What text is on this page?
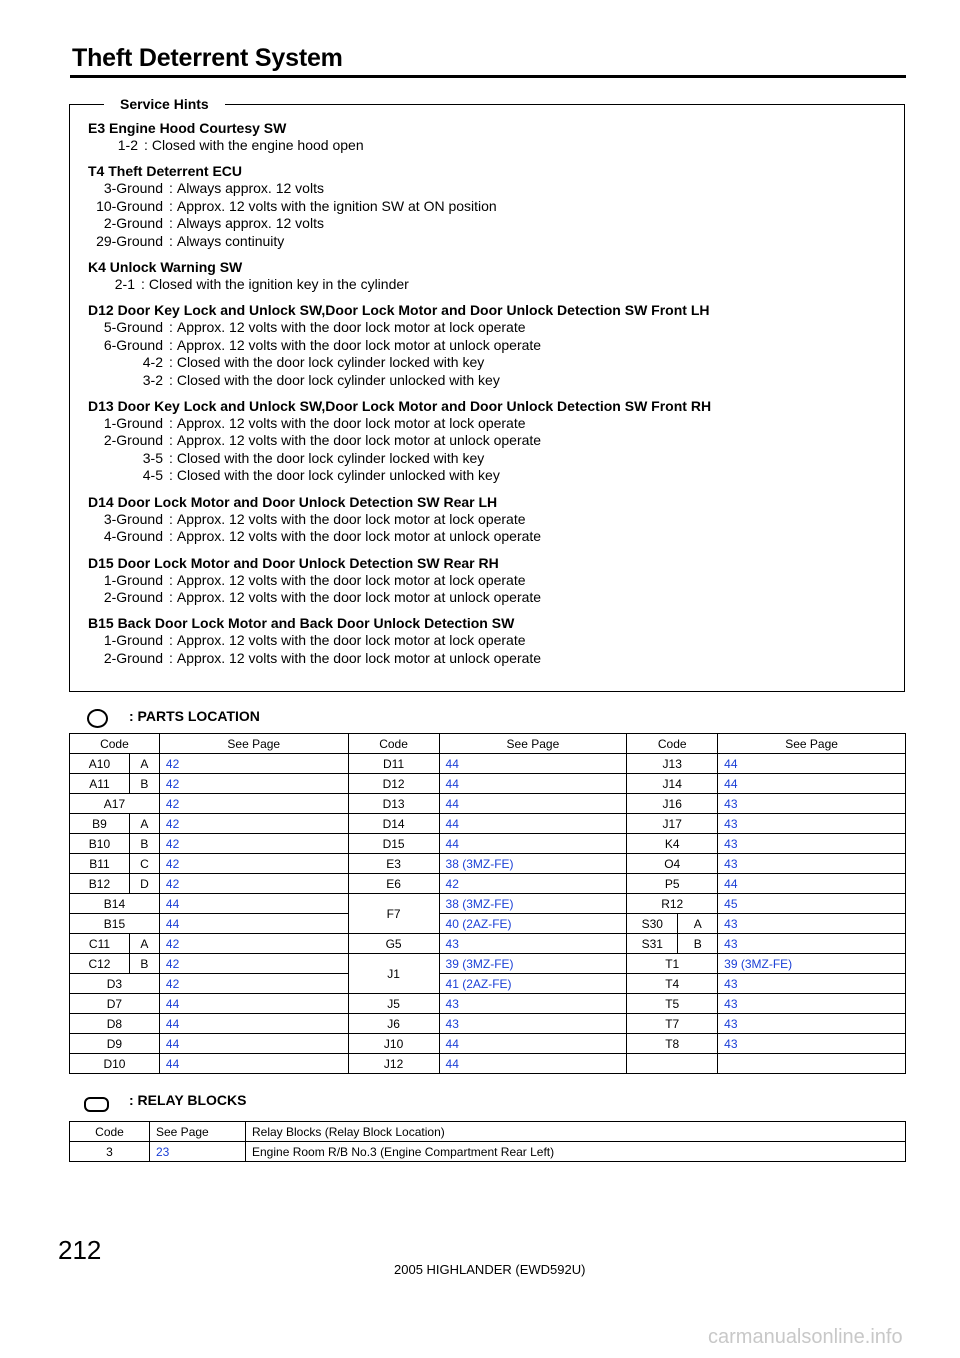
Theft Deterrent System
Service Hints
E3 Engine Hood Courtesy SW
1-2 : Closed with the engine hood open
T4 Theft Deterrent ECU
3-Ground : Always approx. 12 volts
10-Ground : Approx. 12 volts with the ignition SW at ON position
2-Ground : Always approx. 12 volts
29-Ground : Always continuity
K4 Unlock Warning SW
2-1 : Closed with the ignition key in the cylinder
D12 Door Key Lock and Unlock SW,Door Lock Motor and Door Unlock Detection SW Front LH
5-Ground : Approx. 12 volts with the door lock motor at lock operate
6-Ground : Approx. 12 volts with the door lock motor at unlock operate
4-2 : Closed with the door lock cylinder locked with key
3-2 : Closed with the door lock cylinder unlocked with key
D13 Door Key Lock and Unlock SW,Door Lock Motor and Door Unlock Detection SW Front RH
1-Ground : Approx. 12 volts with the door lock motor at lock operate
2-Ground : Approx. 12 volts with the door lock motor at unlock operate
3-5 : Closed with the door lock cylinder locked with key
4-5 : Closed with the door lock cylinder unlocked with key
D14 Door Lock Motor and Door Unlock Detection SW Rear LH
3-Ground : Approx. 12 volts with the door lock motor at lock operate
4-Ground : Approx. 12 volts with the door lock motor at unlock operate
D15 Door Lock Motor and Door Unlock Detection SW Rear RH
1-Ground : Approx. 12 volts with the door lock motor at lock operate
2-Ground : Approx. 12 volts with the door lock motor at unlock operate
B15 Back Door Lock Motor and Back Door Unlock Detection SW
1-Ground : Approx. 12 volts with the door lock motor at lock operate
2-Ground : Approx. 12 volts with the door lock motor at unlock operate
: PARTS LOCATION
Code		See Page	Code	See Page	Code		See Page
A10	A	42	D11	44	J13		44
A11	B	42	D12	44	J14		44
A17		42	D13	44	J16		43
B9	A	42	D14	44	J17		43
B10	B	42	D15	44	K4		43
B11	C	42	E3	38 (3MZ-FE)	O4		43
B12	D	42	E6	42	P5		44
B14		44	F7	38 (3MZ-FE)	R12		45
B15		44		40 (2AZ-FE)	S30	A	43
C11	A	42	G5	43	S31	B	43
C12	B	42	J1	39 (3MZ-FE)	T1		39 (3MZ-FE)
D3		42		41 (2AZ-FE)	T4		43
D7		44	J5	43	T5		43
D8		44	J6	43	T7		43
D9		44	J10	44	T8		43
D10		44	J12	44			
: RELAY BLOCKS
Code	See Page	Relay Blocks (Relay Block Location)
3	23	Engine Room R/B No.3 (Engine Compartment Rear Left)
212
2005 HIGHLANDER (EWD592U)
carmanualsonline.info
